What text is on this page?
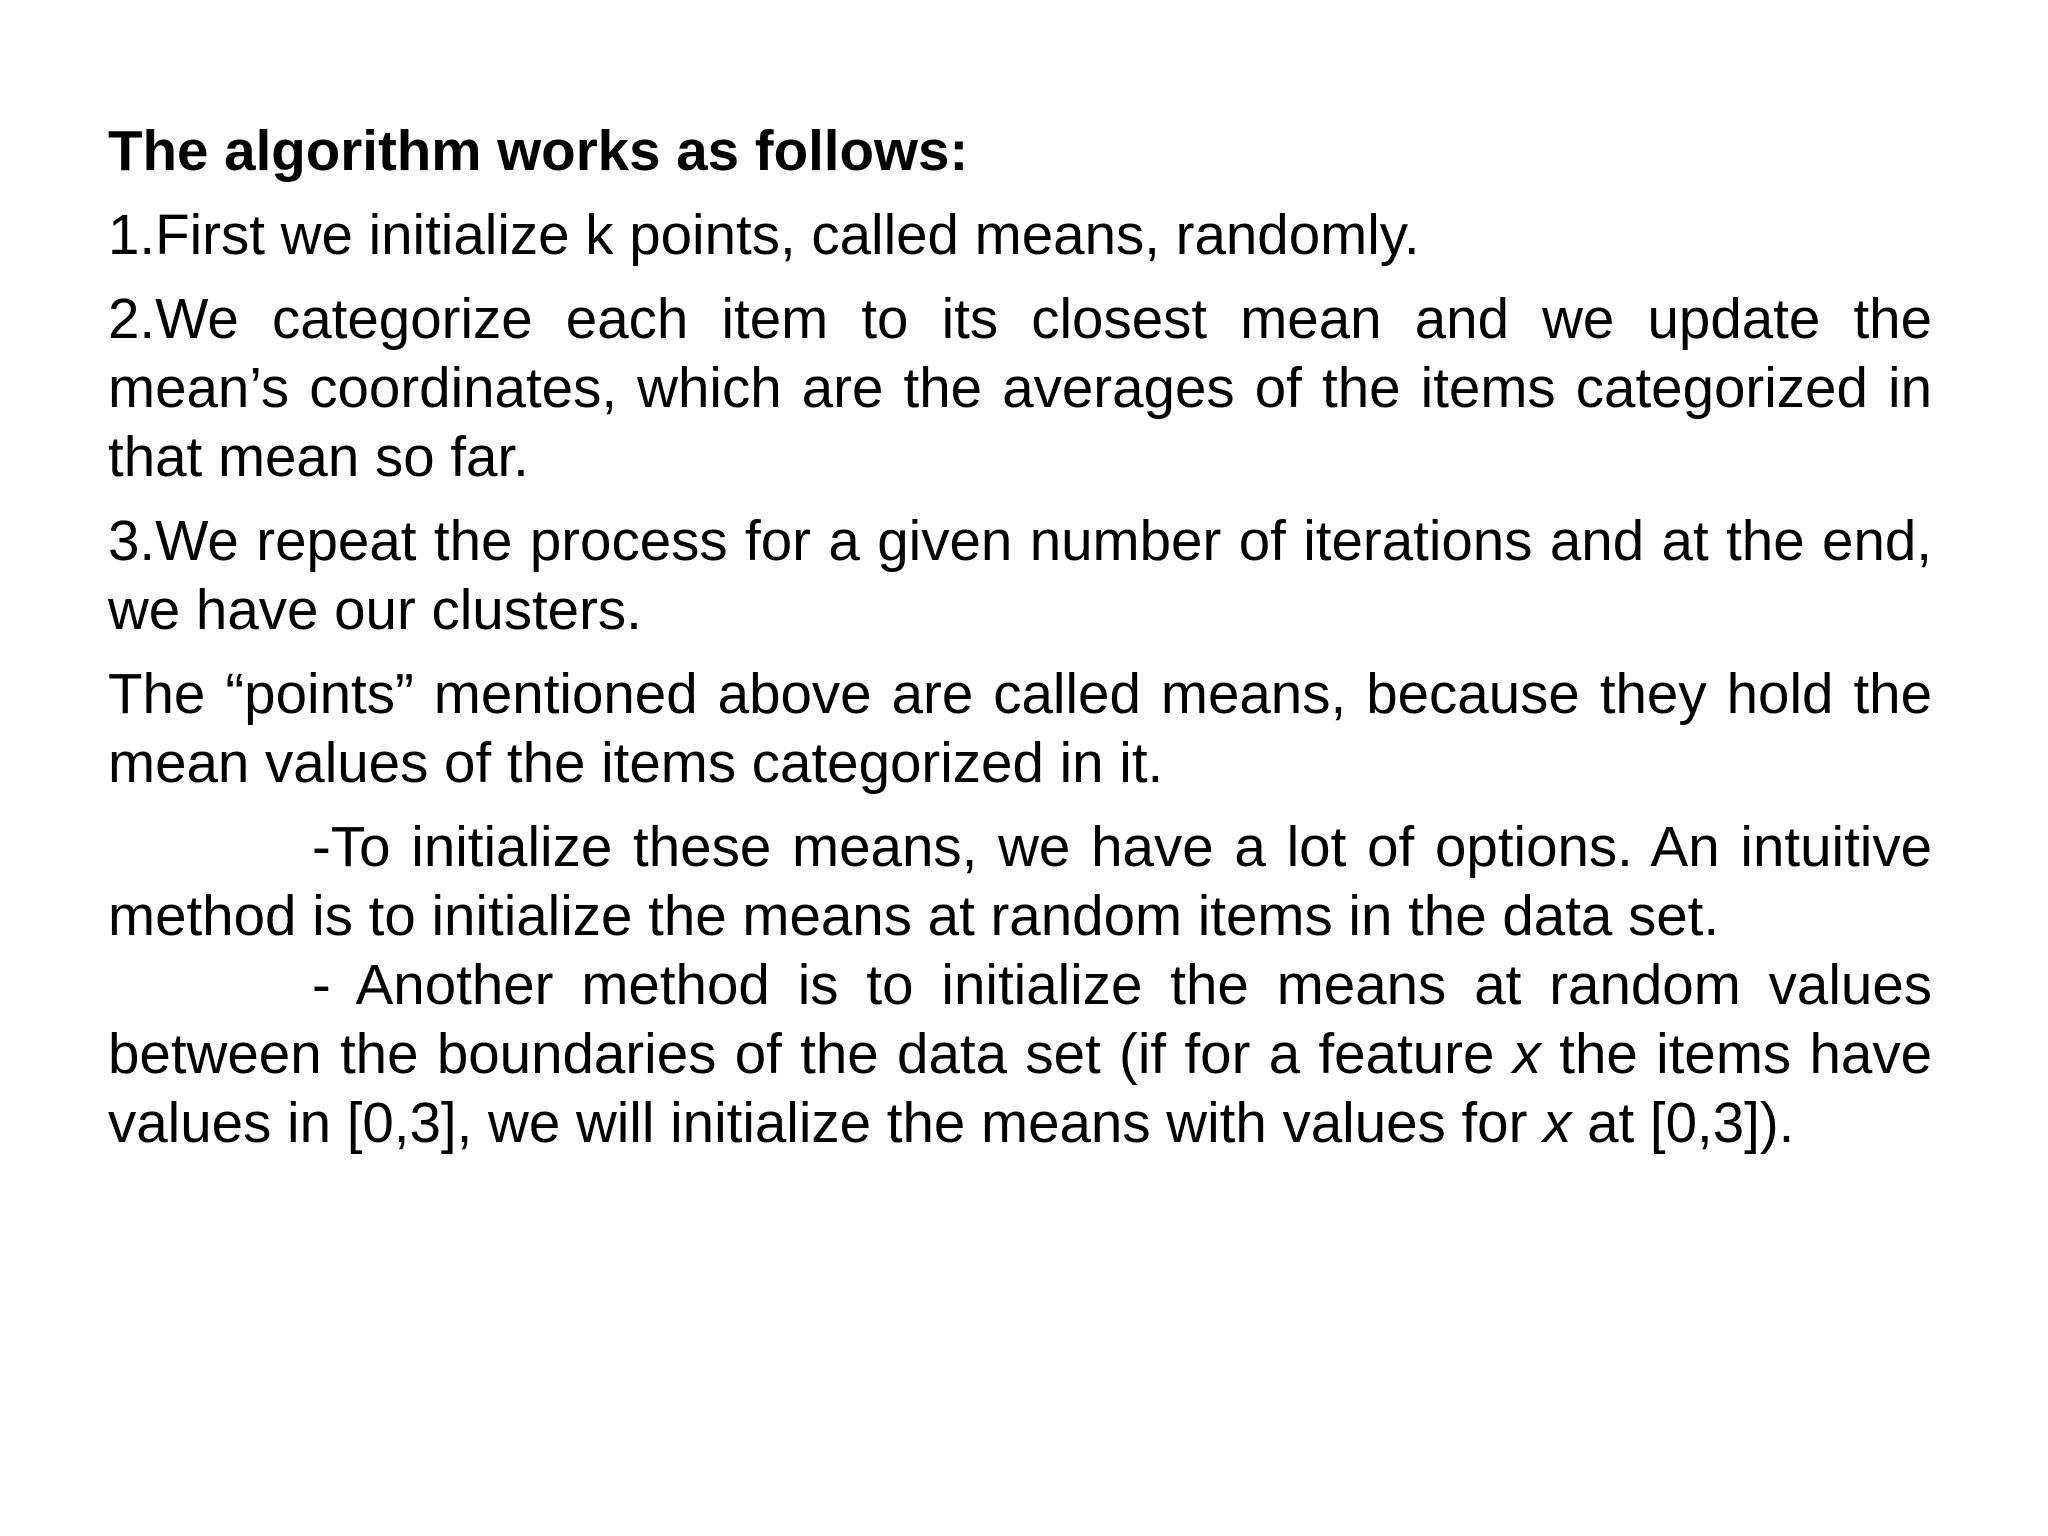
The algorithm works as follows:

1.First we initialize k points, called means, randomly.

2.We categorize each item to its closest mean and we update the mean’s coordinates, which are the averages of the items categorized in that mean so far.

3.We repeat the process for a given number of iterations and at the end, we have our clusters.

The “points” mentioned above are called means, because they hold the mean values of the items categorized in it.

-To initialize these means, we have a lot of options. An intuitive method is to initialize the means at random items in the data set.

- Another method is to initialize the means at random values between the boundaries of the data set (if for a feature x the items have values in [0,3], we will initialize the means with values for x at [0,3]).
